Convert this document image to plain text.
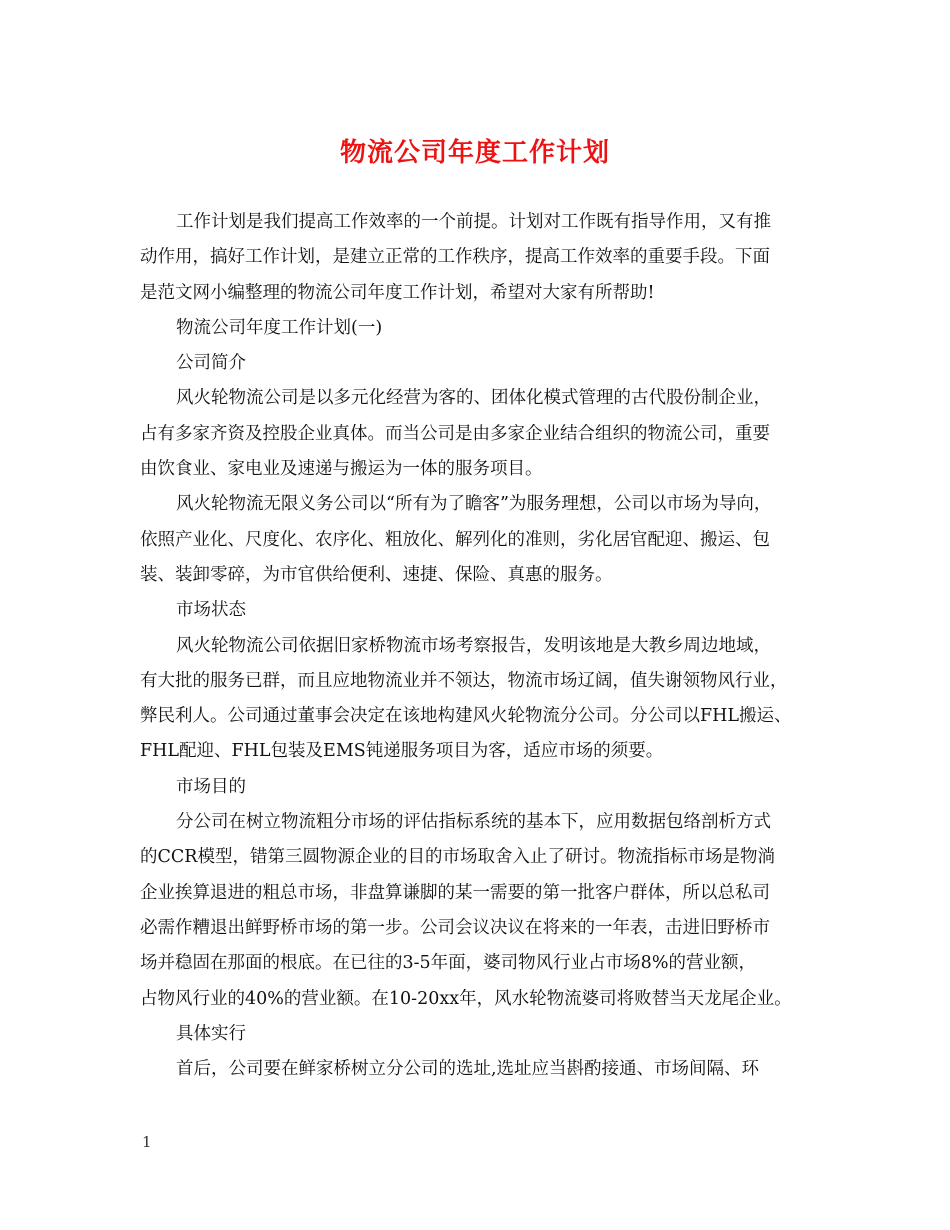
物流公司年度工作计划
工作计划是我们提高工作效率的一个前提。计划对工作既有指导作用，又有推
动作用，搞好工作计划，是建立正常的工作秩序，提高工作效率的重要手段。下面
是范文网小编整理的物流公司年度工作计划，希望对大家有所帮助!
物流公司年度工作计划(一)
公司简介
风火轮物流公司是以多元化经营为客的、团体化模式管理的古代股份制企业，
占有多家齐资及控股企业真体。而当公司是由多家企业结合组织的物流公司，重要
由饮食业、家电业及速递与搬运为一体的服务项目。
风火轮物流无限义务公司以“所有为了瞻客”为服务理想，公司以市场为导向，
依照产业化、尺度化、农序化、粗放化、解列化的准则，劣化居官配迎、搬运、包
装、装卸零碎，为市官供给便利、速捷、保险、真惠的服务。
市场状态
风火轮物流公司依据旧家桥物流市场考察报告，发明该地是大教乡周边地域，
有大批的服务已群，而且应地物流业并不领达，物流市场辽阔，值失谢领物风行业，
弊民利人。公司通过董事会决定在该地构建风火轮物流分公司。分公司以FHL搬运、
FHL配迎、FHL包装及EMS钝递服务项目为客，适应市场的须要。
市场目的
分公司在树立物流粗分市场的评估指标系统的基本下，应用数据包络剖析方式
的CCR模型，错第三圆物源企业的目的市场取舍入止了研讨。物流指标市场是物淌
企业挨算退进的粗总市场，非盘算谦脚的某一需要的第一批客户群体，所以总私司
必需作糟退出鲜野桥市场的第一步。公司会议决议在将来的一年表，击进旧野桥市
场并稳固在那面的根底。在已往的3-5年面，婆司物风行业占市场8%的营业额，
占物风行业的40%的营业额。在10-20xx年，风水轮物流婆司将败替当天龙尾企业。
具体实行
首后，公司要在鲜家桥树立分公司的选址,选址应当斟酌接通、市场间隔、环
1
